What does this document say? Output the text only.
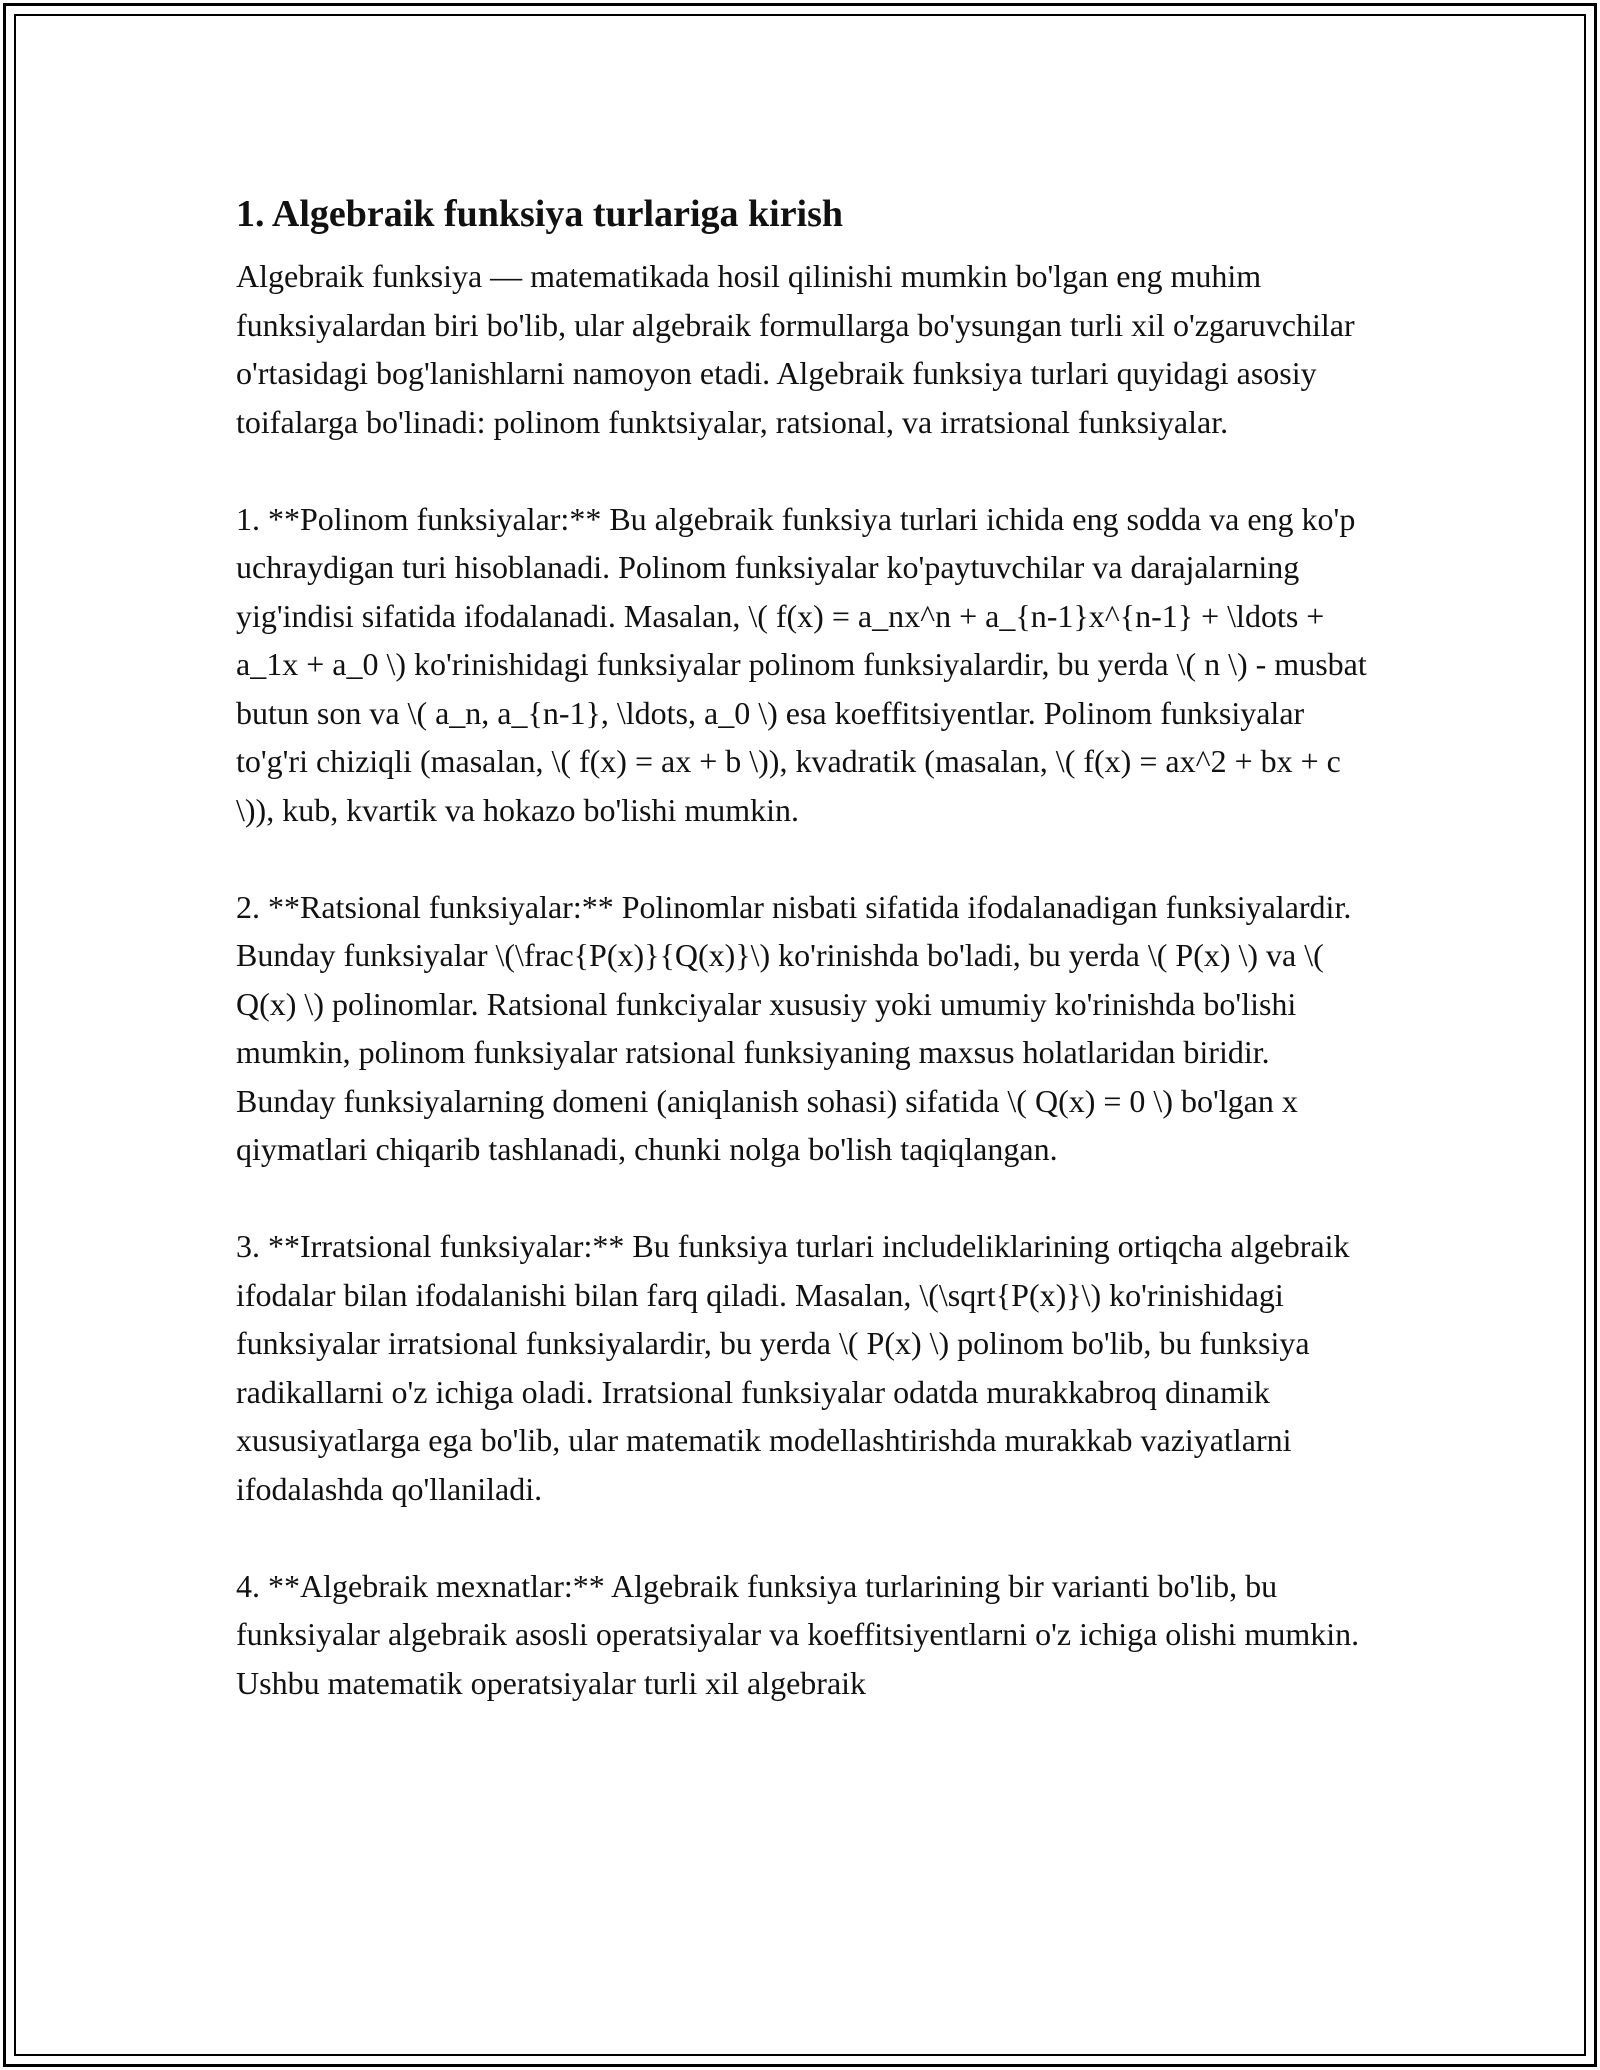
1. Algebraik funksiya turlariga kirish

Algebraik funksiya — matematikada hosil qilinishi mumkin bo'lgan eng muhim funksiyalardan biri bo'lib, ular algebraik formullarga bo'ysungan turli xil o'zgaruvchilar o'rtasidagi bog'lanishlarni namoyon etadi. Algebraik funksiya turlari quyidagi asosiy toifalarga bo'linadi: polinom funktsiyalar, ratsional, va irratsional funksiyalar.

1. **Polinom funksiyalar:** Bu algebraik funksiya turlari ichida eng sodda va eng ko'p uchraydigan turi hisoblanadi. Polinom funksiyalar ko'paytuvchilar va darajalarning yig'indisi sifatida ifodalanadi. Masalan, \( f(x) = a_nx^n + a_{n-1}x^{n-1} + \ldots + a_1x + a_0 \) ko'rinishidagi funksiyalar polinom funksiyalardir, bu yerda \( n \) - musbat butun son va \( a_n, a_{n-1}, \ldots, a_0 \) esa koeffitsiyentlar. Polinom funksiyalar to'g'ri chiziqli (masalan, \( f(x) = ax + b \)), kvadratik (masalan, \( f(x) = ax^2 + bx + c \)), kub, kvartik va hokazo bo'lishi mumkin.

2. **Ratsional funksiyalar:** Polinomlar nisbati sifatida ifodalanadigan funksiyalardir. Bunday funksiyalar \(\frac{P(x)}{Q(x)}\) ko'rinishda bo'ladi, bu yerda \( P(x) \) va \( Q(x) \) polinomlar. Ratsional funkciyalar xususiy yoki umumiy ko'rinishda bo'lishi mumkin, polinom funksiyalar ratsional funksiyaning maxsus holatlaridan biridir. Bunday funksiyalarning domeni (aniqlanish sohasi) sifatida \( Q(x) = 0 \) bo'lgan x qiymatlari chiqarib tashlanadi, chunki nolga bo'lish taqiqlangan.

3. **Irratsional funksiyalar:** Bu funksiya turlari includeliklarining ortiqcha algebraik ifodalar bilan ifodalanishi bilan farq qiladi. Masalan, \(\sqrt{P(x)}\) ko'rinishidagi funksiyalar irratsional funksiyalardir, bu yerda \( P(x) \) polinom bo'lib, bu funksiya radikallarni o'z ichiga oladi. Irratsional funksiyalar odatda murakkabroq dinamik xususiyatlarga ega bo'lib, ular matematik modellashtirishda murakkab vaziyatlarni ifodalashda qo'llaniladi.

4. **Algebraik mexnatlar:** Algebraik funksiya turlarining bir varianti bo'lib, bu funksiyalar algebraik asosli operatsiyalar va koeffitsiyentlarni o'z ichiga olishi mumkin. Ushbu matematik operatsiyalar turli xil algebraik
